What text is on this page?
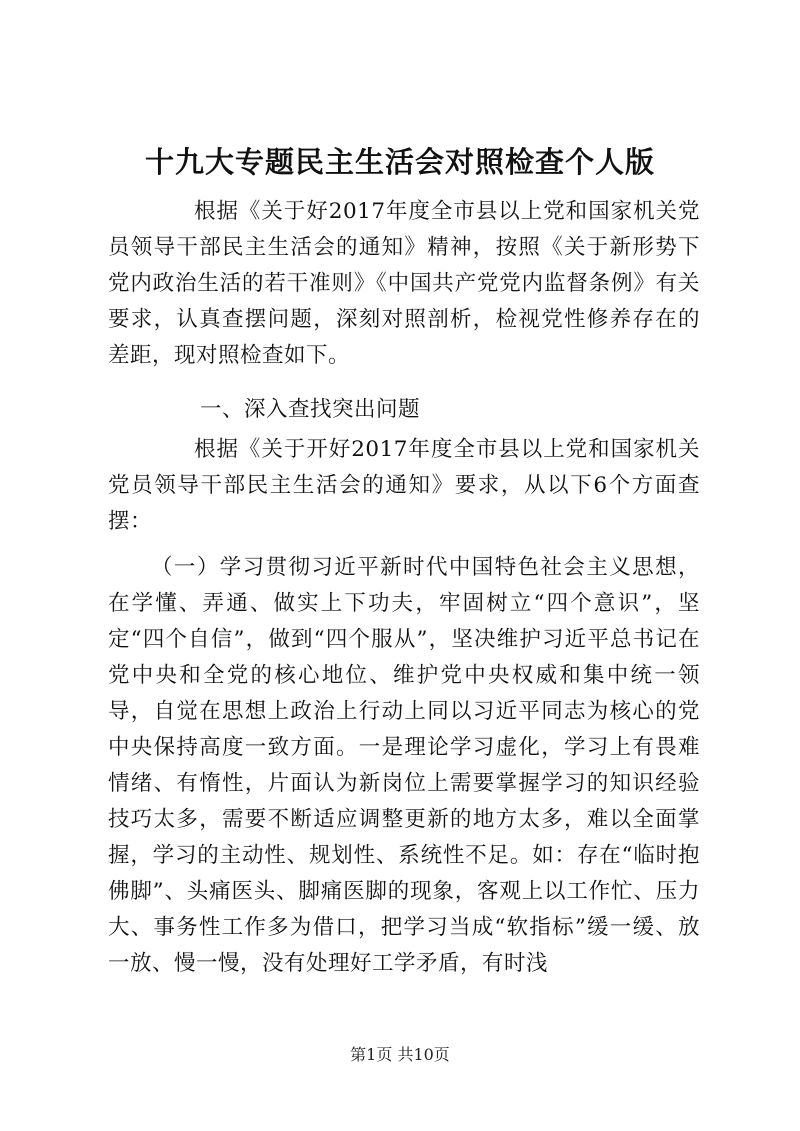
十九大专题民主生活会对照检查个人版
根据《关于好2017年度全市县以上党和国家机关党员领导干部民主生活会的通知》精神，按照《关于新形势下党内政治生活的若干准则》《中国共产党党内监督条例》有关要求，认真查摆问题，深刻对照剖析，检视党性修养存在的差距，现对照检查如下。
一、深入查找突出问题
根据《关于开好2017年度全市县以上党和国家机关党员领导干部民主生活会的通知》要求，从以下6个方面查摆：
（一）学习贯彻习近平新时代中国特色社会主义思想，在学懂、弄通、做实上下功夫，牢固树立“四个意识”，坚定“四个自信”，做到“四个服从”，坚决维护习近平总书记在党中央和全党的核心地位、维护党中央权威和集中统一领导，自觉在思想上政治上行动上同以习近平同志为核心的党中央保持高度一致方面。一是理论学习虚化，学习上有畏难情绪、有惰性，片面认为新岗位上需要掌握学习的知识经验技巧太多，需要不断适应调整更新的地方太多，难以全面掌握，学习的主动性、规划性、系统性不足。如：存在“临时抱佛脚”、头痛医头、脚痛医脚的现象，客观上以工作忙、压力大、事务性工作多为借口，把学习当成“软指标”缓一缓、放一放、慢一慢，没有处理好工学矛盾，有时浅
第1页 共10页
